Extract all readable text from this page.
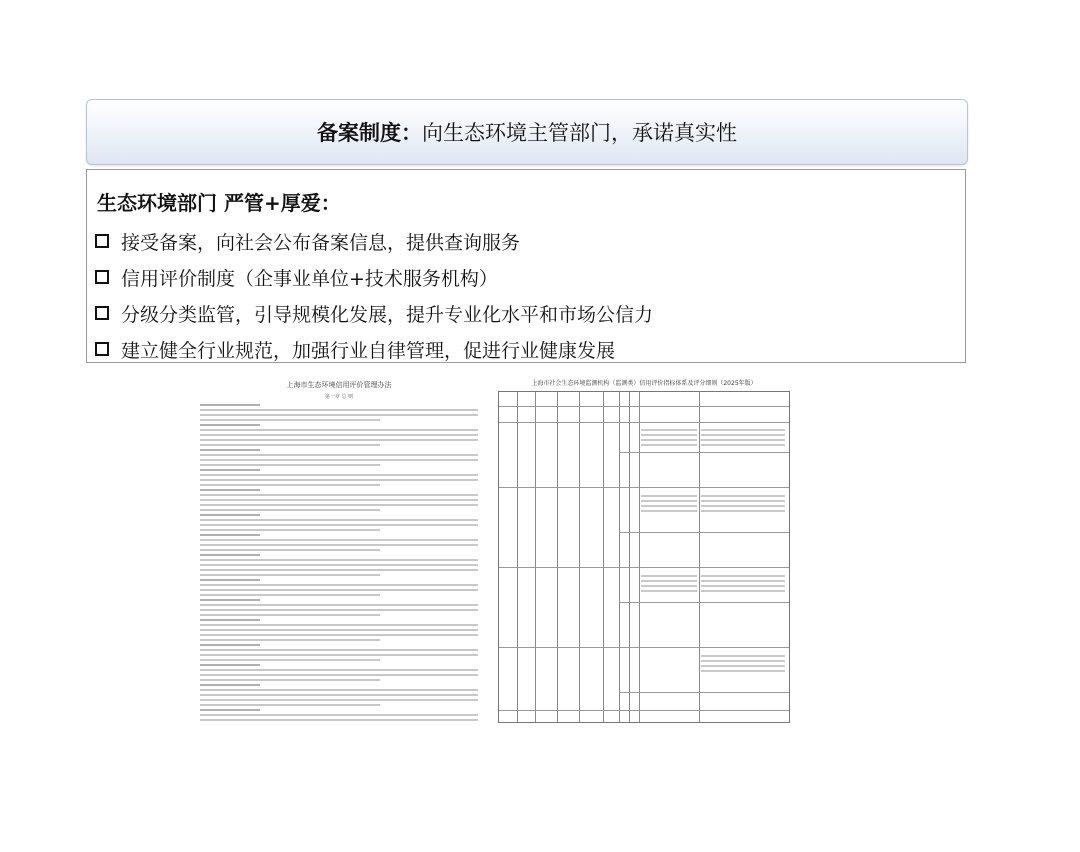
备案制度：向生态环境主管部门，承诺真实性
生态环境部门 严管+厚爱：
接受备案，向社会公布备案信息，提供查询服务
信用评价制度（企事业单位+技术服务机构）
分级分类监管，引导规模化发展，提升专业化水平和市场公信力
建立健全行业规范，加强行业自律管理，促进行业健康发展
上海市生态环境信用评价管理办法
第一章 总 则
上海市社会生态环境监测机构（监测类）信用评价指标体系及评分细则（2025年版）
